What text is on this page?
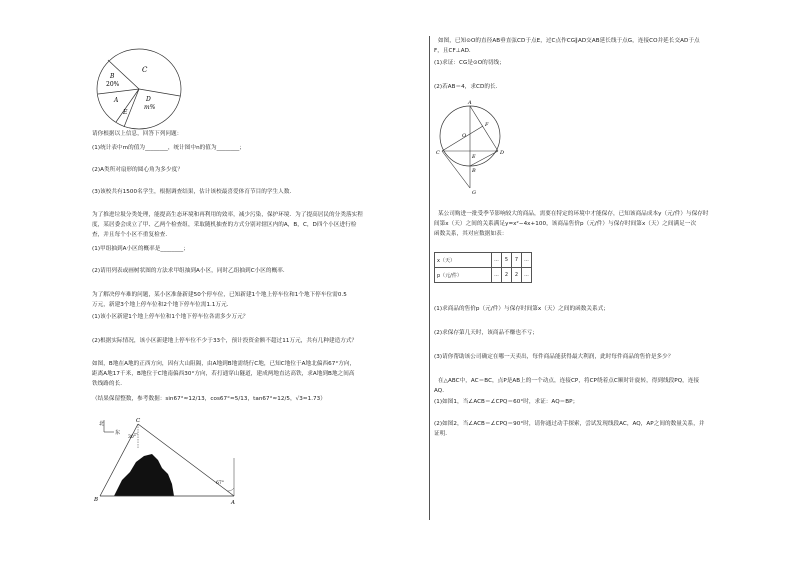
C
B
20%
A
E
D
m%
请你根据以上信息，回答下列问题：
(1)统计表中m的值为________，统计图中n的值为________；
(2)A类所对扇形的圆心角为多少度？
(3)该校共有1500名学生，根据调查结果，估计该校最喜爱体育节目的学生人数．
为了推进垃圾分类处理，能提高生态环境和再利用的效率，减少污染，保护环境．为了提高居民的分类落实程
度，某居委会成立了甲、乙两个检查组，采取随机抽查的方式分别对辖区内的A，B，C，D四个小区进行检
查，并且每个小区不重复检查．
(1)甲组抽到A小区的概率是________；
(2)请用列表或画树状图的方法求甲组抽到A小区，同时乙组抽到C小区的概率．
为了解决停车难的问题，某小区准备新建50个停车位，已知新建1个地上停车位和1个地下停车位需0.5
万元，新建3个地上停车位和2个地下停车位需1.1万元．
(1)该小区新建1个地上停车位和1个地下停车位各需多少万元？
(2)根据实际情况，该小区新建地上停车位不少于33个，预计投资金额不超过11万元，共有几种建造方式？
如图，B地在A地的正西方向，因有大山阻隔，由A地到B地需绕行C地，已知C地位于A地北偏西67°方向，
距离A地17千米，B地位于C地南偏西30°方向，若打通穿山隧道，建成两地直达高铁，求A地到B地之间高
铁线路的长．
（结果保留整数，参考数据：sin67°≈12/13，cos67°≈5/13，tan67°≈12/5，√3≈1.73）
北
东
C
30°
B	A
67°
如图，已知⊙O的直径AB垂直弦CD于点E，过C点作CG∥AD交AB延长线于点G，连接CO并延长交AD于点
F，且CF⊥AD．
(1)求证：CG是⊙O的切线；
(2)若AB＝4，求CD的长．
A
F
O
C	D
E
B
G
某公司购进一批受季节影响较大的商品，需要在特定的环境中才能保存，已知该商品成本y（元/件）与保存时
间第x（天）之间的关系满足y=x²−4x+100，该商品售价p（元/件）与保存时间第x（天）之间满足一次
函数关系，其对应数据如表：
x（天）	...	5	7	...
p（元/件）	...	2	2	...
(1)求商品的售价p（元/件）与保存时间第x（天）之间的函数关系式；
(2)求保存第几天时，该商品不赚也不亏；
(3)请你帮助该公司确定在哪一天卖出，每件商品能获得最大利润，此时每件商品的售价是多少？
在△ABC中，AC＝BC，点P是AB上的一个动点，连接CP，将CP绕着点C顺时针旋转，得到线段PQ，连接
AQ．
(1)如图1，当∠ACB＝∠CPQ＝60°时，求证：AQ＝BP；
(2)如图2，当∠ACB＝∠CPQ＝90°时，请你通过动手探索，尝试发现线段AC，AQ，AP之间的数量关系，并
证明．
